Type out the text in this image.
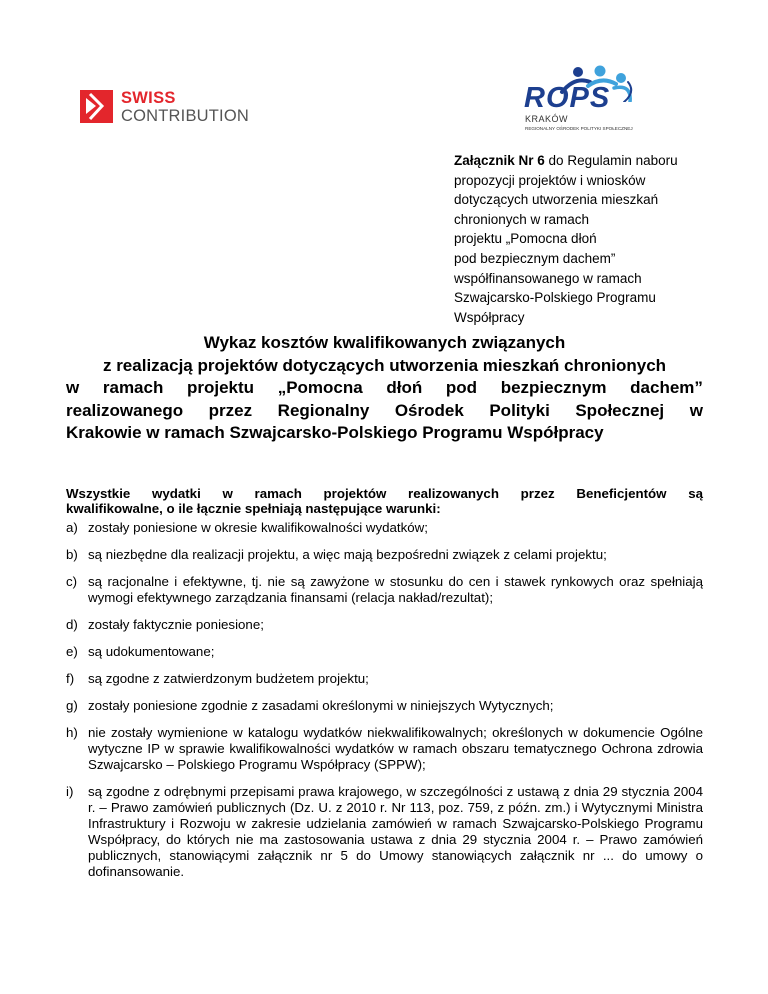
SWISS
CONTRIBUTION
ROPS
KRAKÓW
REGIONALNY OŚRODEK POLITYKI SPOŁECZNEJ
Załącznik Nr 6 do Regulamin naboru
propozycji projektów i wniosków
dotyczących utworzenia mieszkań
chronionych w ramach
projektu „Pomocna dłoń
pod bezpiecznym dachem”
współfinansowanego w ramach
Szwajcarsko-Polskiego Programu
Współpracy
Wykaz kosztów kwalifikowanych związanych
z realizacją projektów dotyczących utworzenia mieszkań chronionych
w ramach projektu „Pomocna dłoń pod bezpiecznym dachem”
realizowanego przez Regionalny Ośrodek Polityki Społecznej w
Krakowie w ramach Szwajcarsko-Polskiego Programu Współpracy
Wszystkie wydatki w ramach projektów realizowanych przez Beneficjentów są
kwalifikowalne, o ile łącznie spełniają następujące warunki:
a) zostały poniesione w okresie kwalifikowalności wydatków;
b) są niezbędne dla realizacji projektu, a więc mają bezpośredni związek z celami projektu;
c) są racjonalne i efektywne, tj. nie są zawyżone w stosunku do cen i stawek rynkowych oraz spełniają wymogi efektywnego zarządzania finansami (relacja nakład/rezultat);
d) zostały faktycznie poniesione;
e) są udokumentowane;
f) są zgodne z zatwierdzonym budżetem projektu;
g) zostały poniesione zgodnie z zasadami określonymi w niniejszych Wytycznych;
h) nie zostały wymienione w katalogu wydatków niekwalifikowalnych; określonych w dokumencie Ogólne wytyczne IP w sprawie kwalifikowalności wydatków w ramach obszaru tematycznego Ochrona zdrowia Szwajcarsko – Polskiego Programu Współpracy (SPPW);
i) są zgodne z odrębnymi przepisami prawa krajowego, w szczególności z ustawą z dnia 29 stycznia 2004 r. – Prawo zamówień publicznych (Dz. U. z 2010 r. Nr 113, poz. 759, z późn. zm.) i Wytycznymi Ministra Infrastruktury i Rozwoju w zakresie udzielania zamówień w ramach Szwajcarsko-Polskiego Programu Współpracy, do których nie ma zastosowania ustawa z dnia 29 stycznia 2004 r. – Prawo zamówień publicznych, stanowiącymi załącznik nr 5 do Umowy stanowiących załącznik nr ... do umowy o dofinansowanie.
